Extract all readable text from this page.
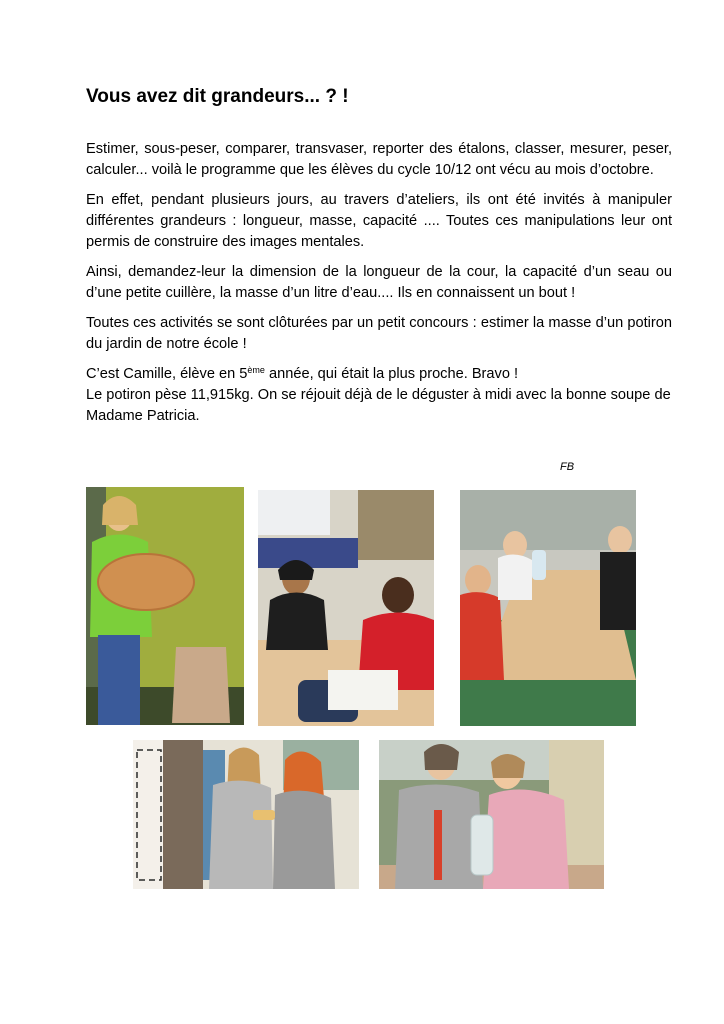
Vous avez dit grandeurs... ? !

Estimer, sous-peser, comparer, transvaser, reporter des étalons, classer, mesurer, peser, calculer... voilà le programme que les élèves du cycle 10/12 ont vécu au mois d’octobre.

En effet, pendant plusieurs jours, au travers d’ateliers, ils ont été invités à manipuler différentes grandeurs : longueur, masse, capacité .... Toutes ces manipulations leur ont permis de construire des images mentales.

Ainsi, demandez-leur la dimension de la longueur de la cour, la capacité d’un seau ou d’une petite cuillère, la masse d’un litre d’eau.... Ils en connaissent un bout !

Toutes ces activités se sont clôturées par un petit concours : estimer la masse d’un potiron du jardin de notre école !

C’est Camille, élève en 5ème année, qui était la plus proche. Bravo !
Le potiron pèse 11,915kg. On se réjouit déjà de le déguster à midi avec la bonne soupe de Madame Patricia.

FB
